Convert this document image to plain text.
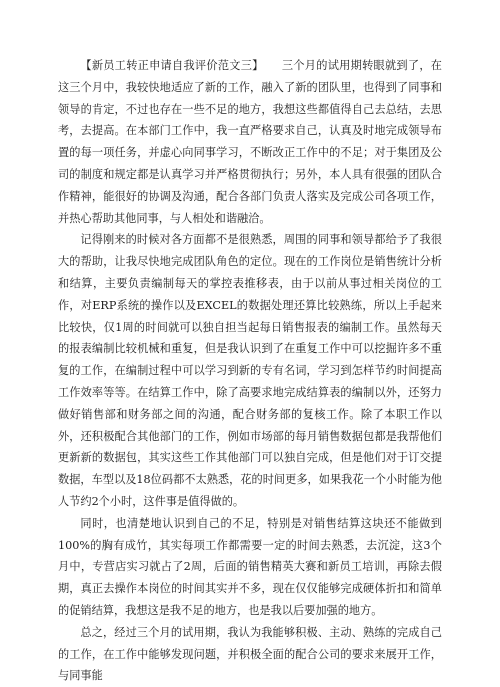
【新员工转正申请自我评价范文三】 三个月的试用期转眼就到了，在这三个月中，我较快地适应了新的工作，融入了新的团队里，也得到了同事和领导的肯定，不过也存在一些不足的地方，我想这些都值得自己去总结，去思考，去提高。在本部门工作中，我一直严格要求自己，认真及时地完成领导布置的每一项任务，并虚心向同事学习，不断改正工作中的不足；对于集团及公司的制度和规定都是认真学习并严格贯彻执行；另外，本人具有很强的团队合作精神，能很好的协调及沟通，配合各部门负责人落实及完成公司各项工作，并热心帮助其他同事，与人相处和谐融洽。

记得刚来的时候对各方面都不是很熟悉，周围的同事和领导都给予了我很大的帮助，让我尽快地完成团队角色的定位。现在的工作岗位是销售统计分析和结算，主要负责编制每天的掌控表推移表，由于以前从事过相关岗位的工作，对ERP系统的操作以及EXCEL的数据处理还算比较熟练，所以上手起来比较快，仅1周的时间就可以独自担当起每日销售报表的编制工作。虽然每天的报表编制比较机械和重复，但是我认识到了在重复工作中可以挖掘许多不重复的工作，在编制过程中可以学习到新的专有名词，学习到怎样节约时间提高工作效率等等。在结算工作中，除了高要求地完成结算表的编制以外，还努力做好销售部和财务部之间的沟通，配合财务部的复核工作。除了本职工作以外，还积极配合其他部门的工作，例如市场部的每月销售数据包都是我帮他们更新新的数据包，其实这些工作其他部门可以独自完成，但是他们对于订交提数据，车型以及18位码都不太熟悉，花的时间更多，如果我花一个小时能为他人节约2个小时，这件事是值得做的。

同时，也清楚地认识到自己的不足，特别是对销售结算这块还不能做到100%的胸有成竹，其实每项工作都需要一定的时间去熟悉，去沉淀，这3个月中，专营店实习就占了2周，后面的销售精英大赛和新员工培训，再除去假期，真正去操作本岗位的时间其实并不多，现在仅仅能够完成硬体折扣和简单的促销结算，我想这是我不足的地方，也是我以后要加强的地方。

总之，经过三个月的试用期，我认为我能够积极、主动、熟练的完成自己的工作，在工作中能够发现问题，并积极全面的配合公司的要求来展开工作，与同事能
